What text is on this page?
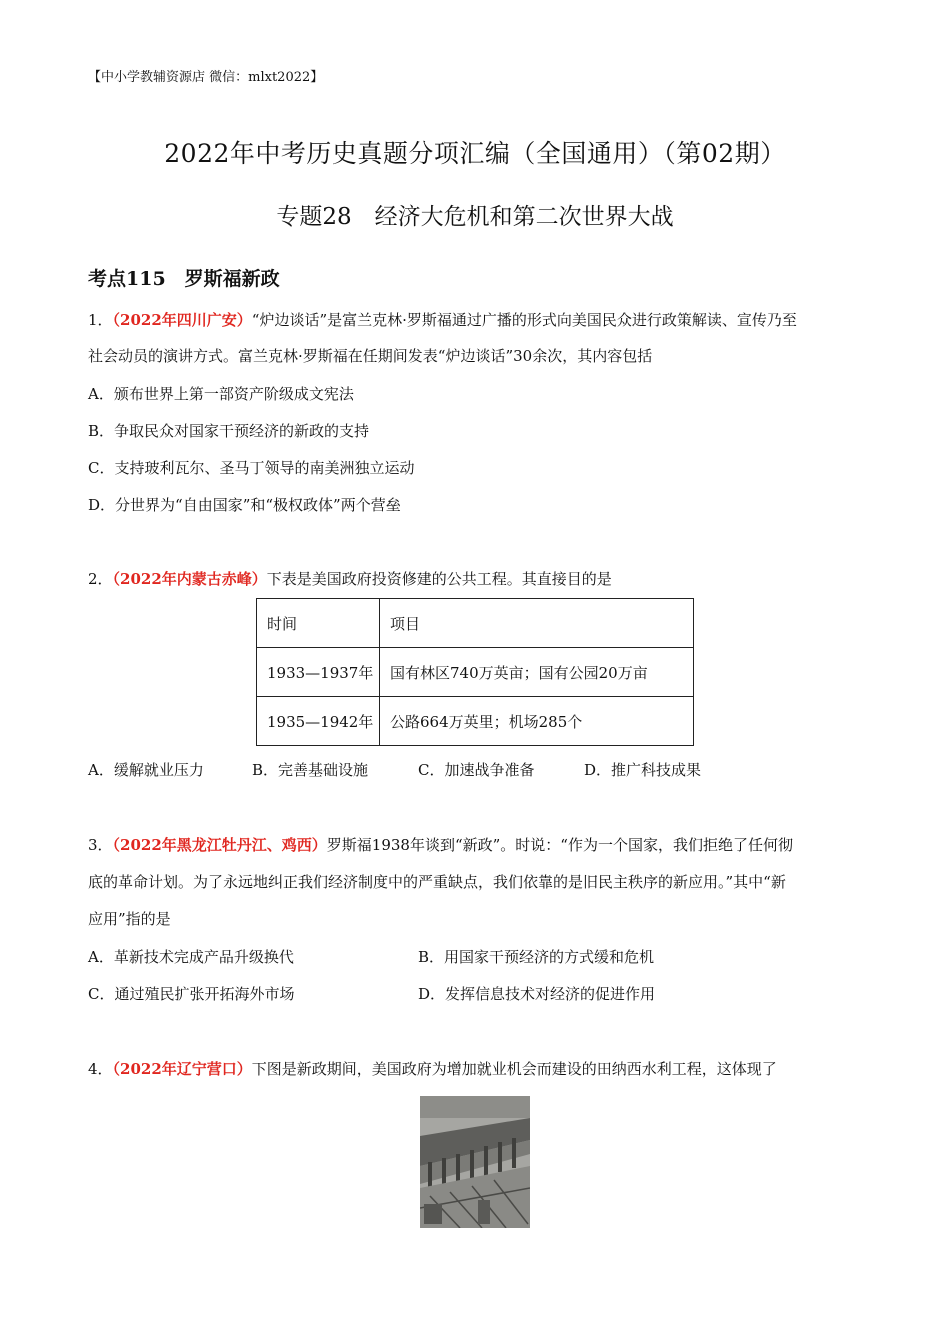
【中小学教辅资源店 微信：mlxt2022】
2022年中考历史真题分项汇编（全国通用）（第02期）
专题28　经济大危机和第二次世界大战
考点115　罗斯福新政
1．（2022年四川广安）“炉边谈话”是富兰克林·罗斯福通过广播的形式向美国民众进行政策解读、宣传乃至
社会动员的演讲方式。富兰克林·罗斯福在任期间发表“炉边谈话”30余次，其内容包括
A．颁布世界上第一部资产阶级成文宪法
B．争取民众对国家干预经济的新政的支持
C．支持玻利瓦尔、圣马丁领导的南美洲独立运动
D．分世界为“自由国家”和“极权政体”两个营垒
2．（2022年内蒙古赤峰）下表是美国政府投资修建的公共工程。其直接目的是
时间	项目
1933—1937年	国有林区740万英亩；国有公园20万亩
1935—1942年	公路664万英里；机场285个
A．缓解就业压力	B．完善基础设施	C．加速战争准备	D．推广科技成果
3．（2022年黑龙江牡丹江、鸡西）罗斯福1938年谈到“新政”。时说：“作为一个国家，我们拒绝了任何彻
底的革命计划。为了永远地纠正我们经济制度中的严重缺点，我们依靠的是旧民主秩序的新应用。”其中“新
应用”指的是
A．革新技术完成产品升级换代	B．用国家干预经济的方式缓和危机
C．通过殖民扩张开拓海外市场	D．发挥信息技术对经济的促进作用
4．（2022年辽宁营口）下图是新政期间，美国政府为增加就业机会而建设的田纳西水利工程，这体现了
